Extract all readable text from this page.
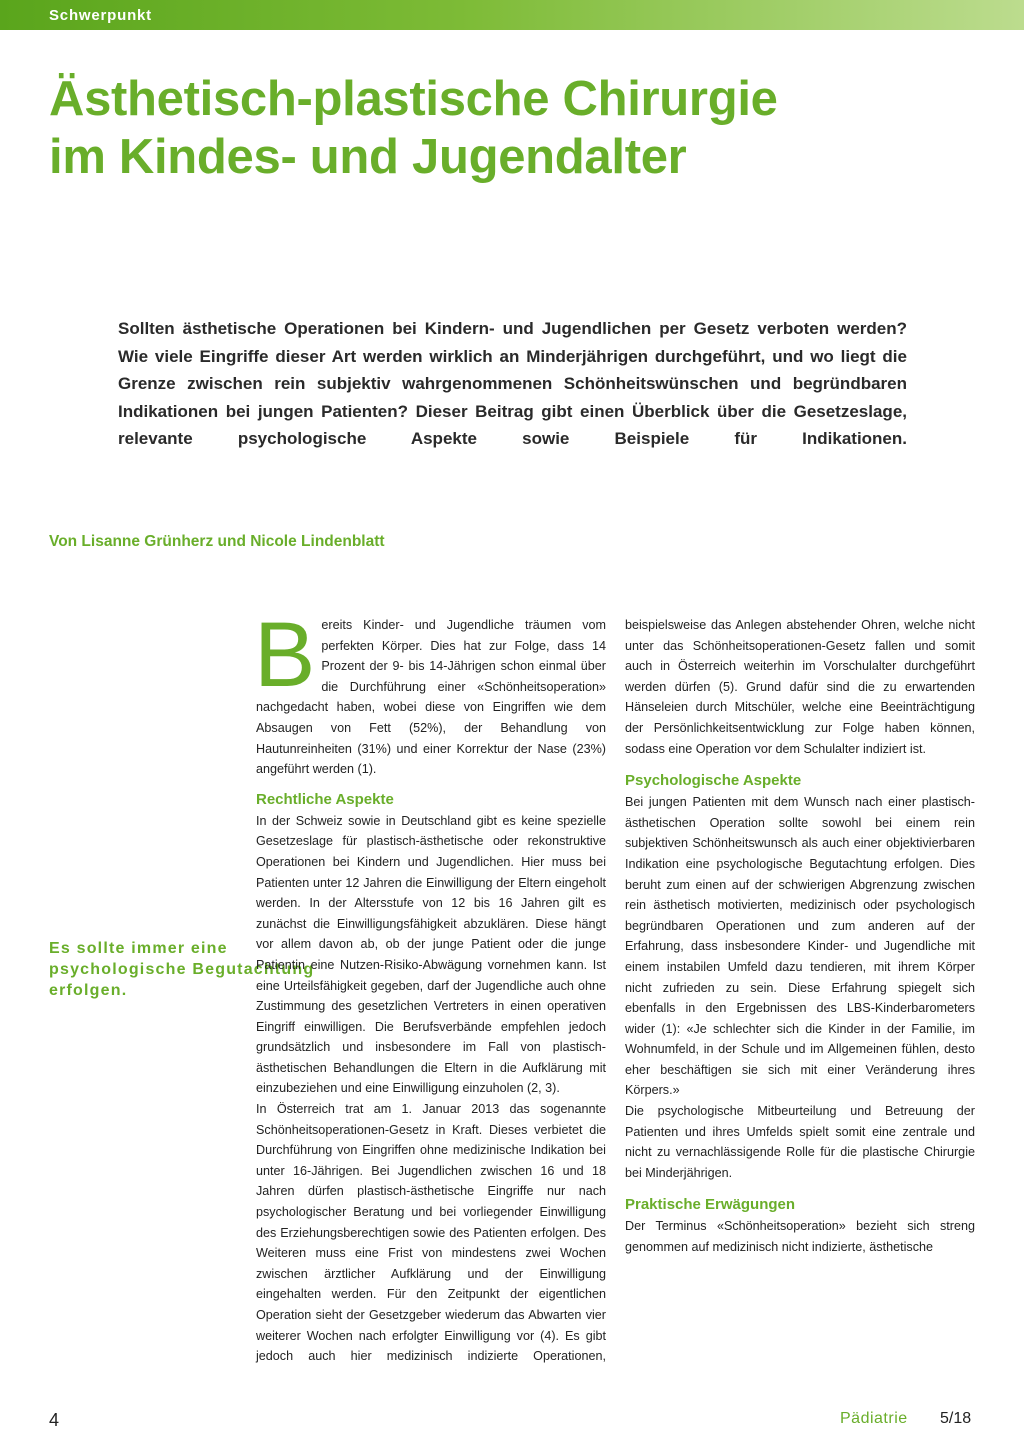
Schwerpunkt
Ästhetisch-plastische Chirurgie
im Kindes- und Jugendalter

Sollten ästhetische Operationen bei Kindern- und Jugendlichen per Gesetz verboten werden? Wie viele Eingriffe dieser Art werden wirklich an Minderjährigen durchgeführt, und wo liegt die Grenze zwischen rein subjektiv wahrgenommenen Schönheitswünschen und begründbaren Indikationen bei jungen Patienten? Dieser Beitrag gibt einen Überblick über die Gesetzeslage, relevante psychologische Aspekte sowie Beispiele für Indikationen.

Von Lisanne Grünherz und Nicole Lindenblatt

Es sollte immer eine psychologische Begutachtung erfolgen.

Bereits Kinder- und Jugendliche träumen vom perfekten Körper. Dies hat zur Folge, dass 14 Prozent der 9- bis 14-Jährigen schon einmal über die Durchführung einer «Schönheitsoperation» nachgedacht haben, wobei diese von Eingriffen wie dem Absaugen von Fett (52%), der Behandlung von Hautunreinheiten (31%) und einer Korrektur der Nase (23%) angeführt werden (1).

Rechtliche Aspekte

In der Schweiz sowie in Deutschland gibt es keine spezielle Gesetzeslage für plastisch-ästhetische oder rekonstruktive Operationen bei Kindern und Jugendlichen. Hier muss bei Patienten unter 12 Jahren die Einwilligung der Eltern eingeholt werden. In der Altersstufe von 12 bis 16 Jahren gilt es zunächst die Einwilligungsfähigkeit abzuklären. Diese hängt vor allem davon ab, ob der junge Patient oder die junge Patientin eine Nutzen-Risiko-Abwägung vornehmen kann. Ist eine Urteilsfähigkeit gegeben, darf der Jugendliche auch ohne Zustimmung des gesetzlichen Vertreters in einen operativen Eingriff einwilligen. Die Berufsverbände empfehlen jedoch grundsätzlich und insbesondere im Fall von plastisch-ästhetischen Behandlungen die Eltern in die Aufklärung mit einzubeziehen und eine Einwilligung einzuholen (2, 3).

In Österreich trat am 1. Januar 2013 das sogenannte Schönheitsoperationen-Gesetz in Kraft. Dieses verbietet die Durchführung von Eingriffen ohne medizinische Indikation bei unter 16-Jährigen. Bei Jugendlichen zwischen 16 und 18 Jahren dürfen plastisch-ästhetische Eingriffe nur nach psychologischer Beratung und bei vorliegender Einwilligung des Erziehungsberechtigen sowie des Patienten erfolgen. Des Weiteren muss eine Frist von mindestens zwei Wochen zwischen ärztlicher Aufklärung und der Einwilligung eingehalten werden. Für den Zeitpunkt der eigentlichen Operation sieht der Gesetzgeber wiederum das Abwarten vier weiterer Wochen nach erfolgter Einwilligung vor (4). Es gibt jedoch auch hier medizinisch indizierte Operationen,

beispielsweise das Anlegen abstehender Ohren, welche nicht unter das Schönheitsoperationen-Gesetz fallen und somit auch in Österreich weiterhin im Vorschulalter durchgeführt werden dürfen (5). Grund dafür sind die zu erwartenden Hänseleien durch Mitschüler, welche eine Beeinträchtigung der Persönlichkeitsentwicklung zur Folge haben können, sodass eine Operation vor dem Schulalter indiziert ist.

Psychologische Aspekte

Bei jungen Patienten mit dem Wunsch nach einer plastisch-ästhetischen Operation sollte sowohl bei einem rein subjektiven Schönheitswunsch als auch einer objektivierbaren Indikation eine psychologische Begutachtung erfolgen. Dies beruht zum einen auf der schwierigen Abgrenzung zwischen rein ästhetisch motivierten, medizinisch oder psychologisch begründbaren Operationen und zum anderen auf der Erfahrung, dass insbesondere Kinder- und Jugendliche mit einem instabilen Umfeld dazu tendieren, mit ihrem Körper nicht zufrieden zu sein. Diese Erfahrung spiegelt sich ebenfalls in den Ergebnissen des LBS-Kinderbarometers wider (1): «Je schlechter sich die Kinder in der Familie, im Wohnumfeld, in der Schule und im Allgemeinen fühlen, desto eher beschäftigen sie sich mit einer Veränderung ihres Körpers.»

Die psychologische Mitbeurteilung und Betreuung der Patienten und ihres Umfelds spielt somit eine zentrale und nicht zu vernachlässigende Rolle für die plastische Chirurgie bei Minderjährigen.

Praktische Erwägungen

Der Terminus «Schönheitsoperation» bezieht sich streng genommen auf medizinisch nicht indizierte, ästhetische

4	Pädiatrie 5/18
